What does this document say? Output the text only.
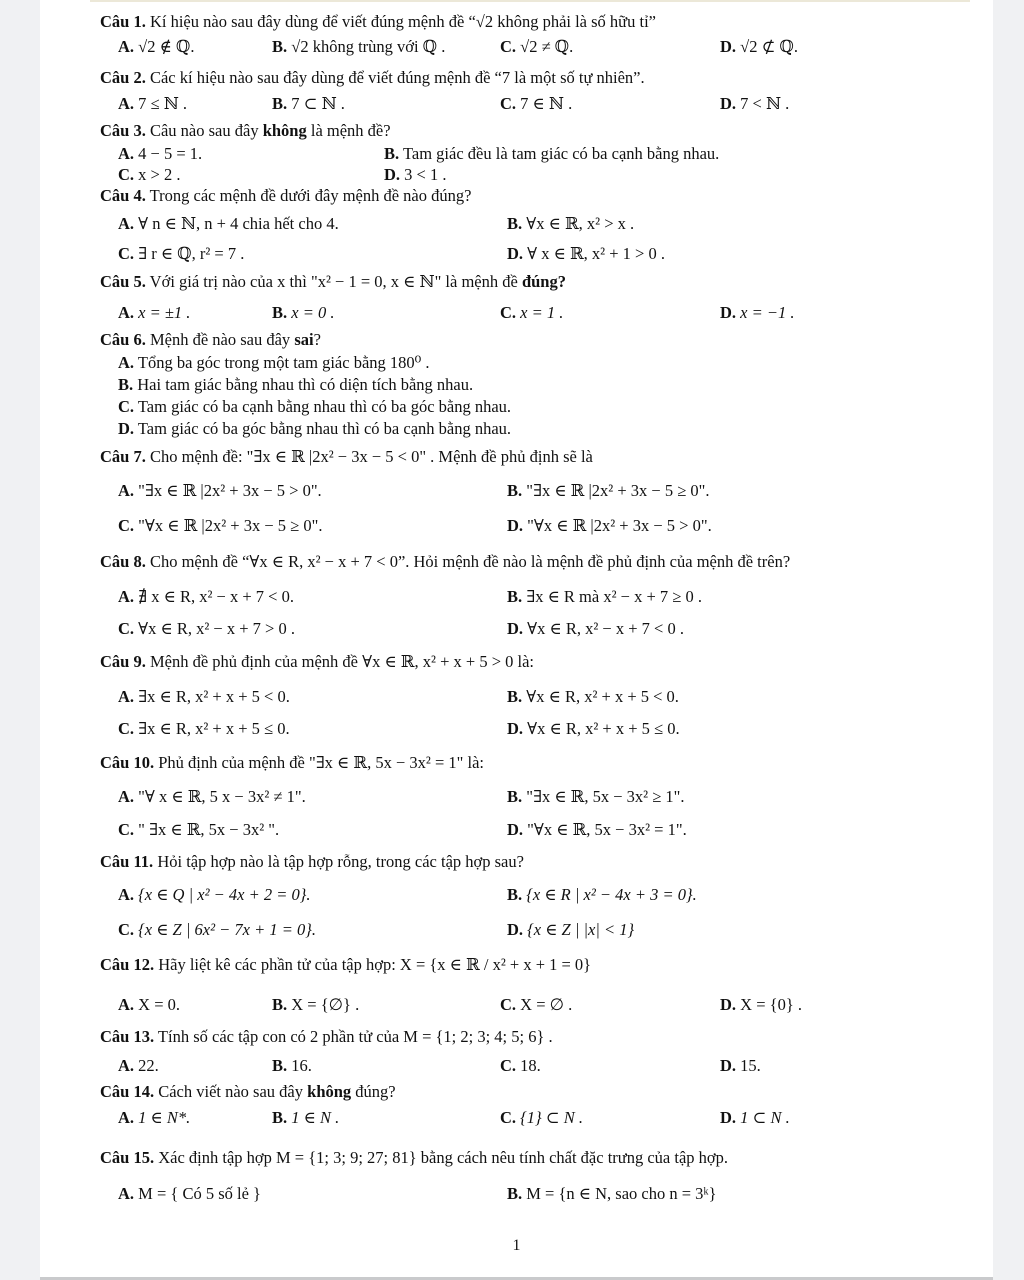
Câu 1. Kí hiệu nào sau đây dùng để viết đúng mệnh đề “√2 không phải là số hữu tỉ”
A. √2 ∉ ℚ.	B. √2 không trùng với ℚ .	C. √2 ≠ ℚ.	D. √2 ⊄ ℚ.
Câu 2. Các kí hiệu nào sau đây dùng để viết đúng mệnh đề “7 là một số tự nhiên”.
A. 7 ≤ ℕ .	B. 7 ⊂ ℕ .	C. 7 ∈ ℕ .	D. 7 < ℕ .
Câu 3. Câu nào sau đây không là mệnh đề?
A. 4 − 5 = 1.	B. Tam giác đều là tam giác có ba cạnh bằng nhau.
C. x > 2 .	D. 3 < 1 .
Câu 4. Trong các mệnh đề dưới đây mệnh đề nào đúng?
A. ∀ n ∈ ℕ, n + 4 chia hết cho 4.	B. ∀x ∈ ℝ, x² > x .
C. ∃ r ∈ ℚ, r² = 7 .	D. ∀ x ∈ ℝ, x² + 1 > 0 .
Câu 5. Với giá trị nào của x thì "x² − 1 = 0, x ∈ ℕ" là mệnh đề đúng?
A. x = ±1 .	B. x = 0 .	C. x = 1 .	D. x = −1 .
Câu 6. Mệnh đề nào sau đây sai?
A. Tổng ba góc trong một tam giác bằng 180⁰ .
B. Hai tam giác bằng nhau thì có diện tích bằng nhau.
C. Tam giác có ba cạnh bằng nhau thì có ba góc bằng nhau.
D. Tam giác có ba góc bằng nhau thì có ba cạnh bằng nhau.
Câu 7. Cho mệnh đề: "∃x ∈ ℝ |2x² − 3x − 5 < 0" . Mệnh đề phủ định sẽ là
A. "∃x ∈ ℝ |2x² + 3x − 5 > 0".	B. "∃x ∈ ℝ |2x² + 3x − 5 ≥ 0".
C. "∀x ∈ ℝ |2x² + 3x − 5 ≥ 0".	D. "∀x ∈ ℝ |2x² + 3x − 5 > 0".
Câu 8. Cho mệnh đề “∀x ∈ R, x² − x + 7 < 0”. Hỏi mệnh đề nào là mệnh đề phủ định của mệnh đề trên?
A. ∄ x ∈ R, x² − x + 7 < 0.	B. ∃x ∈ R mà x² − x + 7 ≥ 0 .
C. ∀x ∈ R, x² − x + 7 > 0 .	D. ∀x ∈ R, x² − x + 7 < 0 .
Câu 9. Mệnh đề phủ định của mệnh đề ∀x ∈ ℝ, x² + x + 5 > 0 là:
A. ∃x ∈ R, x² + x + 5 < 0.	B. ∀x ∈ R, x² + x + 5 < 0.
C. ∃x ∈ R, x² + x + 5 ≤ 0.	D. ∀x ∈ R, x² + x + 5 ≤ 0.
Câu 10. Phủ định của mệnh đề "∃x ∈ ℝ, 5x − 3x² = 1" là:
A. "∀ x ∈ ℝ, 5 x − 3x² ≠ 1".	B. "∃x ∈ ℝ, 5x − 3x² ≥ 1".
C. " ∃x ∈ ℝ, 5x − 3x² ".	D. "∀x ∈ ℝ, 5x − 3x² = 1".
Câu 11. Hỏi tập hợp nào là tập hợp rỗng, trong các tập hợp sau?
A. {x ∈ Q | x² − 4x + 2 = 0}.	B. {x ∈ R | x² − 4x + 3 = 0}.
C. {x ∈ Z | 6x² − 7x + 1 = 0}.	D. {x ∈ Z | |x| < 1}
Câu 12. Hãy liệt kê các phần tử của tập hợp: X = {x ∈ ℝ / x² + x + 1 = 0}
A. X = 0.	B. X = {∅} .	C. X = ∅ .	D. X = {0} .
Câu 13. Tính số các tập con có 2 phần tử của M = {1; 2; 3; 4; 5; 6} .
A. 22.	B. 16.	C. 18.	D. 15.
Câu 14. Cách viết nào sau đây không đúng?
A. 1 ∈ N*.	B. 1 ∈ N .	C. {1} ⊂ N .	D. 1 ⊂ N .
Câu 15. Xác định tập hợp M = {1; 3; 9; 27; 81} bằng cách nêu tính chất đặc trưng của tập hợp.
A. M = { Có 5 số lẻ }	B. M = {n ∈ N, sao cho n = 3ᵏ}
1
